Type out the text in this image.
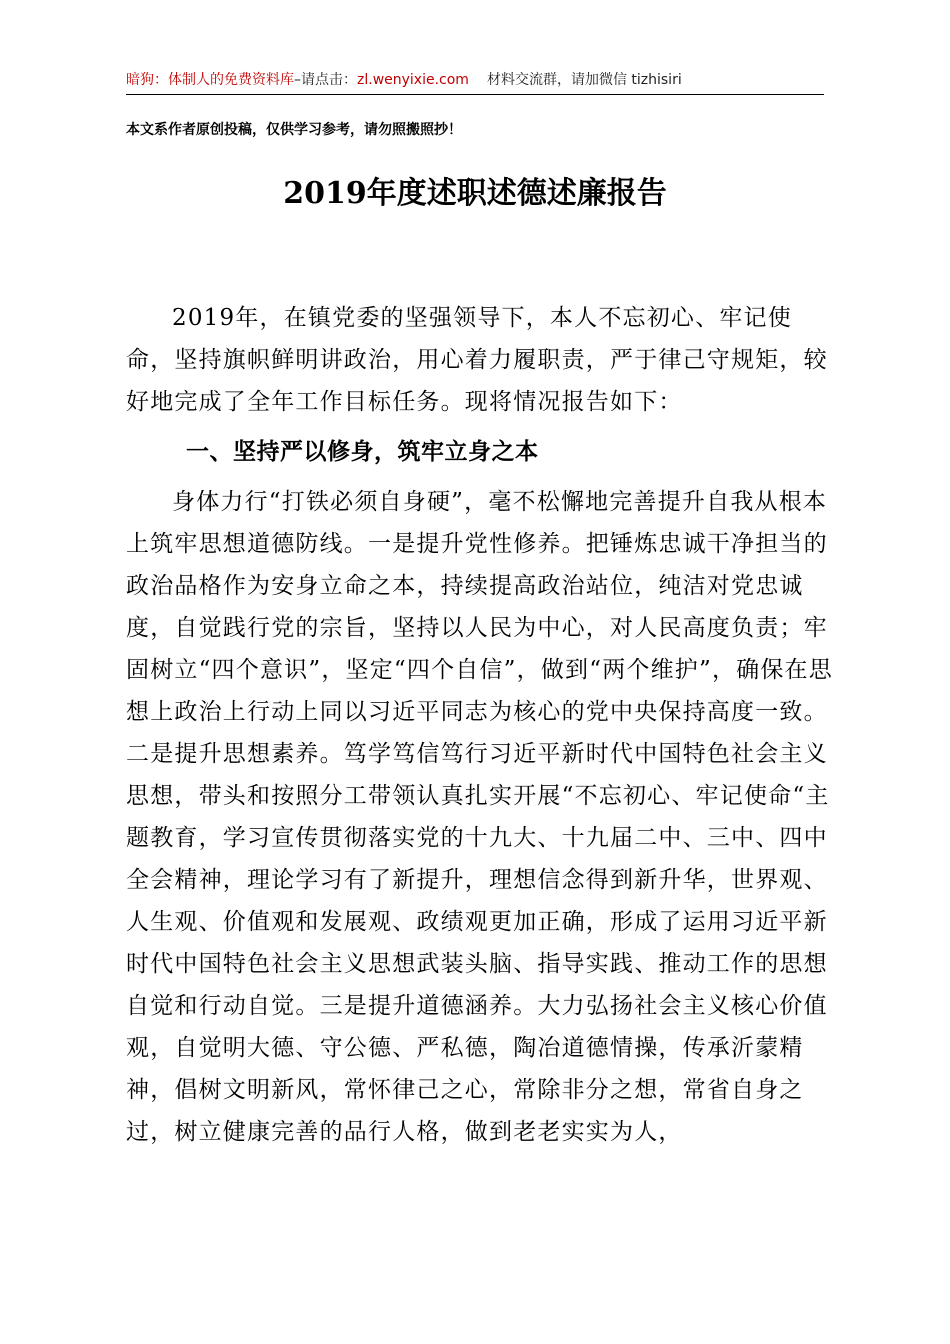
暗狗：体制人的免费资料库–请点击：zl.wenyixie.com 材料交流群，请加微信 tizhisiri
本文系作者原创投稿，仅供学习参考，请勿照搬照抄！
2019年度述职述德述廉报告

2019年，在镇党委的坚强领导下，本人不忘初心、牢记使命，坚持旗帜鲜明讲政治，用心着力履职责，严于律己守规矩，较好地完成了全年工作目标任务。现将情况报告如下：

一、坚持严以修身，筑牢立身之本

身体力行“打铁必须自身硬”，毫不松懈地完善提升自我从根本上筑牢思想道德防线。一是提升党性修养。把锤炼忠诚干净担当的政治品格作为安身立命之本，持续提高政治站位，纯洁对党忠诚度，自觉践行党的宗旨，坚持以人民为中心，对人民高度负责；牢固树立“四个意识”，坚定“四个自信”，做到“两个维护”，确保在思想上政治上行动上同以习近平同志为核心的党中央保持高度一致。二是提升思想素养。笃学笃信笃行习近平新时代中国特色社会主义思想，带头和按照分工带领认真扎实开展“不忘初心、牢记使命“主题教育，学习宣传贯彻落实党的十九大、十九届二中、三中、四中全会精神，理论学习有了新提升，理想信念得到新升华，世界观、人生观、价值观和发展观、政绩观更加正确，形成了运用习近平新时代中国特色社会主义思想武装头脑、指导实践、推动工作的思想自觉和行动自觉。三是提升道德涵养。大力弘扬社会主义核心价值观，自觉明大德、守公德、严私德，陶冶道德情操，传承沂蒙精神，倡树文明新风，常怀律己之心，常除非分之想，常省自身之过，树立健康完善的品行人格，做到老老实实为人，
